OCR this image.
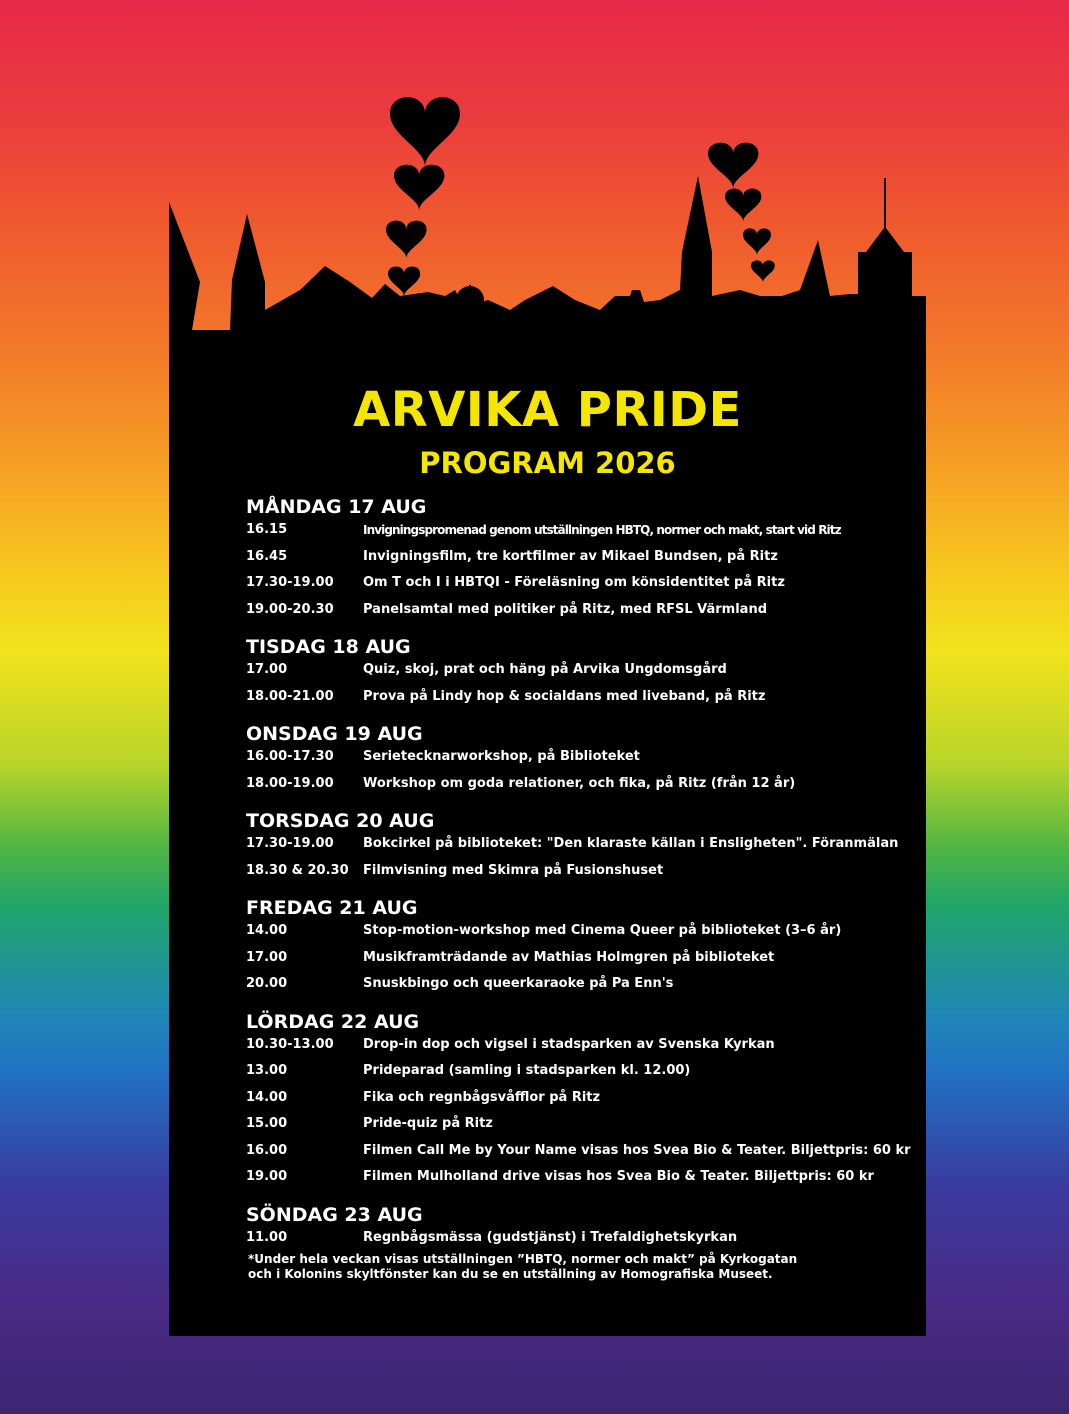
ARVIKA PRIDE
PROGRAM 2026
MÅNDAG 17 AUG
16.15	Invigningspromenad genom utställningen HBTQ, normer och makt, start vid Ritz
16.45	Invigningsfilm, tre kortfilmer av Mikael Bundsen, på Ritz
17.30-19.00	Om T och I i HBTQI - Föreläsning om könsidentitet på Ritz
19.00-20.30	Panelsamtal med politiker på Ritz, med RFSL Värmland
TISDAG 18 AUG
17.00	Quiz, skoj, prat och häng på Arvika Ungdomsgård
18.00-21.00	Prova på Lindy hop & socialdans med liveband, på Ritz
ONSDAG 19 AUG
16.00-17.30	Serietecknarworkshop, på Biblioteket
18.00-19.00	Workshop om goda relationer, och fika, på Ritz (från 12 år)
TORSDAG 20 AUG
17.30-19.00	Bokcirkel på biblioteket: "Den klaraste källan i Ensligheten". Föranmälan
18.30 & 20.30	Filmvisning med Skimra på Fusionshuset
FREDAG 21 AUG
14.00	Stop-motion-workshop med Cinema Queer på biblioteket (3–6 år)
17.00	Musikframträdande av Mathias Holmgren på biblioteket
20.00	Snuskbingo och queerkaraoke på Pa Enn's
LÖRDAG 22 AUG
10.30-13.00	Drop-in dop och vigsel i stadsparken av Svenska Kyrkan
13.00	Prideparad (samling i stadsparken kl. 12.00)
14.00	Fika och regnbågsvåfflor på Ritz
15.00	Pride-quiz på Ritz
16.00	Filmen Call Me by Your Name visas hos Svea Bio & Teater. Biljettpris: 60 kr
19.00	Filmen Mulholland drive visas hos Svea Bio & Teater. Biljettpris: 60 kr
SÖNDAG 23 AUG
11.00	Regnbågsmässa (gudstjänst) i Trefaldighetskyrkan
*Under hela veckan visas utställningen ”HBTQ, normer och makt” på Kyrkogatan
och i Kolonins skyltfönster kan du se en utställning av Homografiska Museet.
